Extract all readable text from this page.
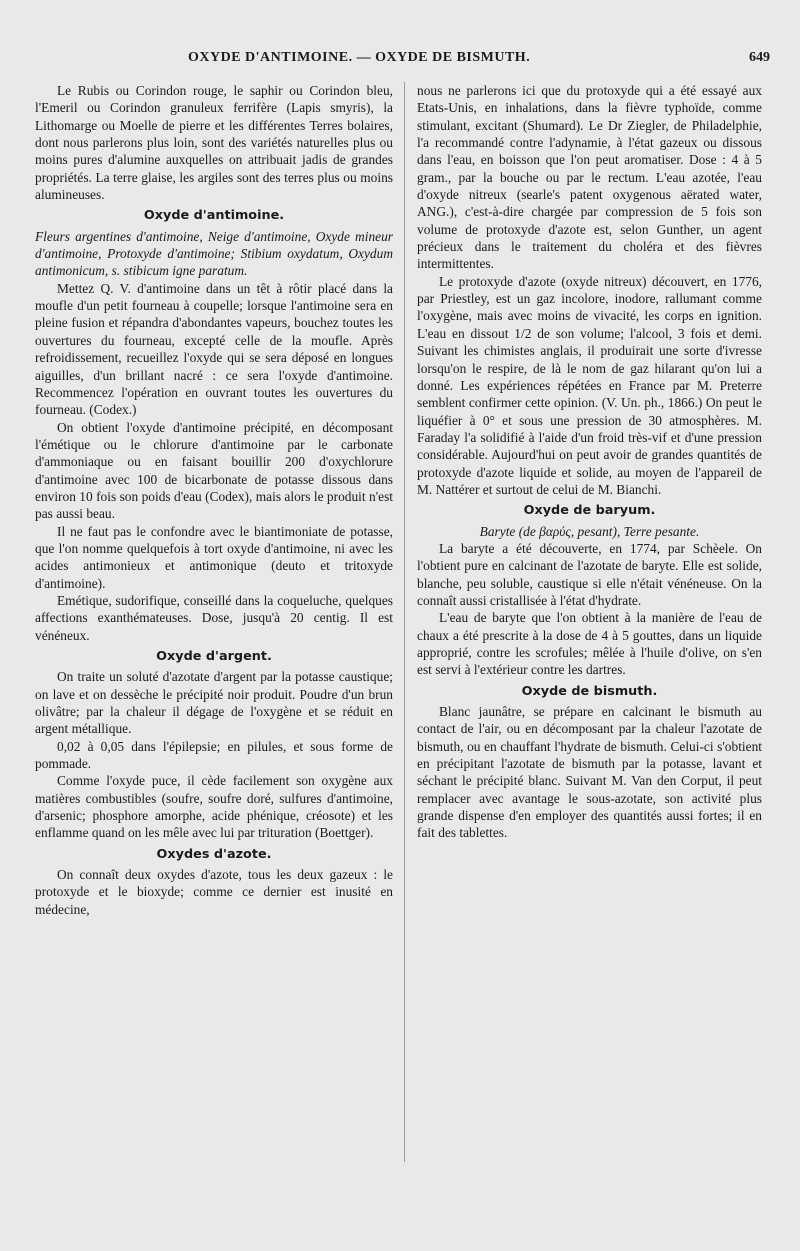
OXYDE D'ANTIMOINE. — OXYDE DE BISMUTH.	649

Le Rubis ou Corindon rouge, le saphir ou Corindon bleu, l'Emeril ou Corindon granuleux ferrifère (Lapis smyris), la Lithomarge ou Moelle de pierre et les différentes Terres bolaires, dont nous parlerons plus loin, sont des variétés naturelles plus ou moins pures d'alumine auxquelles on attribuait jadis de grandes propriétés. La terre glaise, les argiles sont des terres plus ou moins alumineuses.

Oxyde d'antimoine.

Fleurs argentines d'antimoine, Neige d'antimoine, Oxyde mineur d'antimoine, Protoxyde d'antimoine; Stibium oxydatum, Oxydum antimonicum, s. stibicum igne paratum.

Mettez Q. V. d'antimoine dans un têt à rôtir placé dans la moufle d'un petit fourneau à coupelle; lorsque l'antimoine sera en pleine fusion et répandra d'abondantes vapeurs, bouchez toutes les ouvertures du fourneau, excepté celle de la moufle. Après refroidissement, recueillez l'oxyde qui se sera déposé en longues aiguilles, d'un brillant nacré : ce sera l'oxyde d'antimoine. Recommencez l'opération en ouvrant toutes les ouvertures du fourneau. (Codex.)

On obtient l'oxyde d'antimoine précipité, en décomposant l'émétique ou le chlorure d'antimoine par le carbonate d'ammoniaque ou en faisant bouillir 200 d'oxychlorure d'antimoine avec 100 de bicarbonate de potasse dissous dans environ 10 fois son poids d'eau (Codex), mais alors le produit n'est pas aussi beau.

Il ne faut pas le confondre avec le biantimoniate de potasse, que l'on nomme quelquefois à tort oxyde d'antimoine, ni avec les acides antimonieux et antimonique (deuto et tritoxyde d'antimoine).

Emétique, sudorifique, conseillé dans la coqueluche, quelques affections exanthémateuses. Dose, jusqu'à 20 centig. Il est vénéneux.

Oxyde d'argent.

On traite un soluté d'azotate d'argent par la potasse caustique; on lave et on dessèche le précipité noir produit. Poudre d'un brun olivâtre; par la chaleur il dégage de l'oxygène et se réduit en argent métallique.

0,02 à 0,05 dans l'épilepsie; en pilules, et sous forme de pommade.

Comme l'oxyde puce, il cède facilement son oxygène aux matières combustibles (soufre, soufre doré, sulfures d'antimoine, d'arsenic; phosphore amorphe, acide phénique, créosote) et les enflamme quand on les mêle avec lui par trituration (Boettger).

Oxydes d'azote.

On connaît deux oxydes d'azote, tous les deux gazeux : le protoxyde et le bioxyde; comme ce dernier est inusité en médecine,

nous ne parlerons ici que du protoxyde qui a été essayé aux Etats-Unis, en inhalations, dans la fièvre typhoïde, comme stimulant, excitant (Shumard). Le Dr Ziegler, de Philadelphie, l'a recommandé contre l'adynamie, à l'état gazeux ou dissous dans l'eau, en boisson que l'on peut aromatiser. Dose : 4 à 5 gram., par la bouche ou par le rectum. L'eau azotée, l'eau d'oxyde nitreux (searle's patent oxygenous aërated water, ANG.), c'est-à-dire chargée par compression de 5 fois son volume de protoxyde d'azote est, selon Gunther, un agent précieux dans le traitement du choléra et des fièvres intermittentes.

Le protoxyde d'azote (oxyde nitreux) découvert, en 1776, par Priestley, est un gaz incolore, inodore, rallumant comme l'oxygène, mais avec moins de vivacité, les corps en ignition. L'eau en dissout 1/2 de son volume; l'alcool, 3 fois et demi. Suivant les chimistes anglais, il produirait une sorte d'ivresse lorsqu'on le respire, de là le nom de gaz hilarant qu'on lui a donné. Les expériences répétées en France par M. Preterre semblent confirmer cette opinion. (V. Un. ph., 1866.) On peut le liquéfier à 0° et sous une pression de 30 atmosphères. M. Faraday l'a solidifié à l'aide d'un froid très-vif et d'une pression considérable. Aujourd'hui on peut avoir de grandes quantités de protoxyde d'azote liquide et solide, au moyen de l'appareil de M. Nattérer et surtout de celui de M. Bianchi.

Oxyde de baryum.

Baryte (de βαρύς, pesant), Terre pesante.

La baryte a été découverte, en 1774, par Schèele. On l'obtient pure en calcinant de l'azotate de baryte. Elle est solide, blanche, peu soluble, caustique si elle n'était vénéneuse. On la connaît aussi cristallisée à l'état d'hydrate.

L'eau de baryte que l'on obtient à la manière de l'eau de chaux a été prescrite à la dose de 4 à 5 gouttes, dans un liquide approprié, contre les scrofules; mêlée à l'huile d'olive, on s'en est servi à l'extérieur contre les dartres.

Oxyde de bismuth.

Blanc jaunâtre, se prépare en calcinant le bismuth au contact de l'air, ou en décomposant par la chaleur l'azotate de bismuth, ou en chauffant l'hydrate de bismuth. Celui-ci s'obtient en précipitant l'azotate de bismuth par la potasse, lavant et séchant le précipité blanc. Suivant M. Van den Corput, il peut remplacer avec avantage le sous-azotate, son activité plus grande dispense d'en employer des quantités aussi fortes; il en fait des tablettes.
